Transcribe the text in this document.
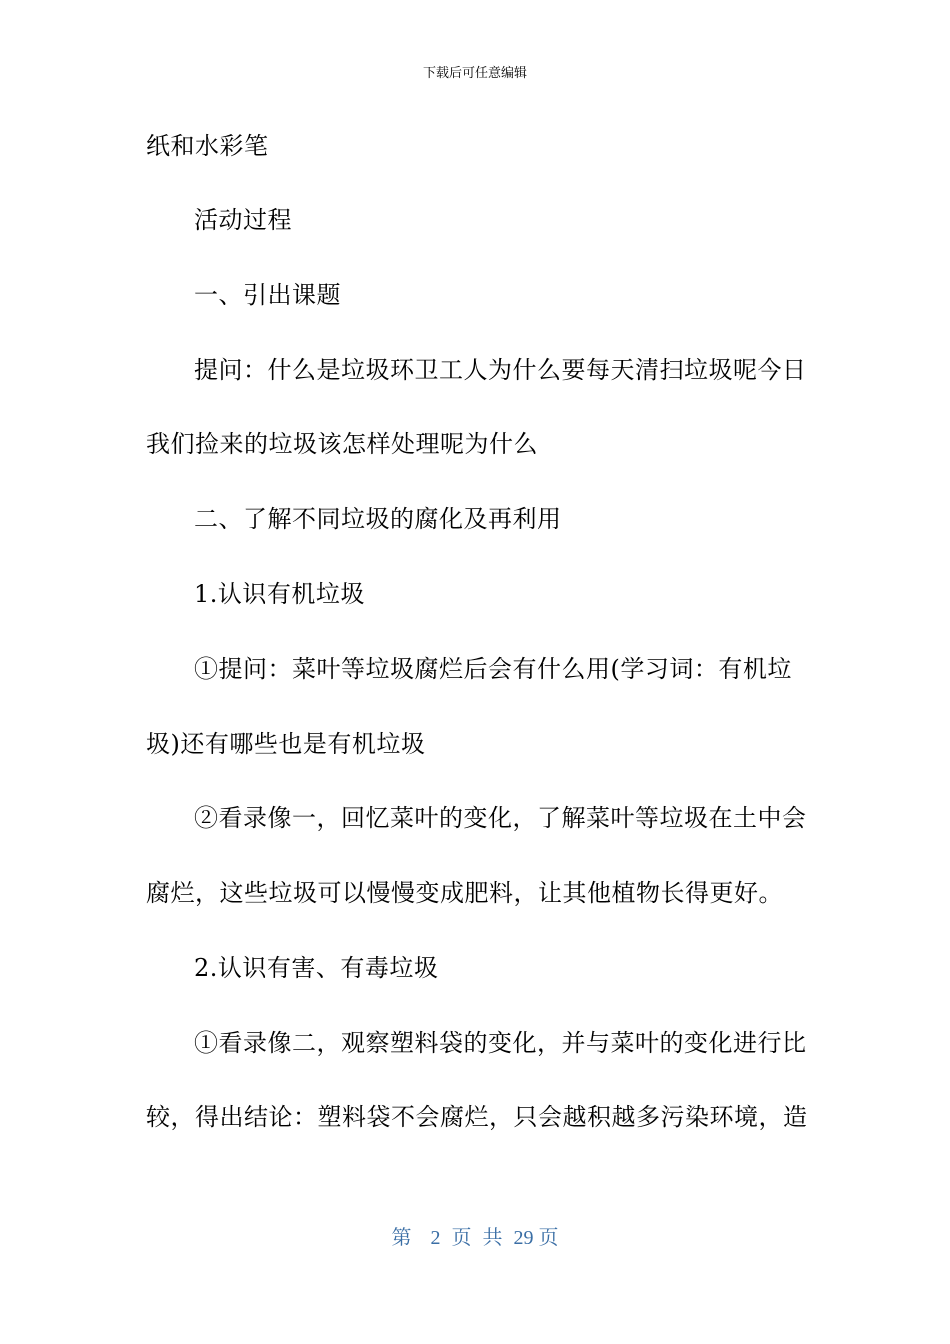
下载后可任意编辑
纸和水彩笔
活动过程
一、引出课题
提问：什么是垃圾环卫工人为什么要每天清扫垃圾呢今日
我们捡来的垃圾该怎样处理呢为什么
二、了解不同垃圾的腐化及再利用
1.认识有机垃圾
①提问：菜叶等垃圾腐烂后会有什么用(学习词：有机垃
圾)还有哪些也是有机垃圾
②看录像一，回忆菜叶的变化，了解菜叶等垃圾在土中会
腐烂，这些垃圾可以慢慢变成肥料，让其他植物长得更好。
2.认识有害、有毒垃圾
①看录像二，观察塑料袋的变化，并与菜叶的变化进行比
较，得出结论：塑料袋不会腐烂，只会越积越多污染环境，造
第 2 页 共 29 页
